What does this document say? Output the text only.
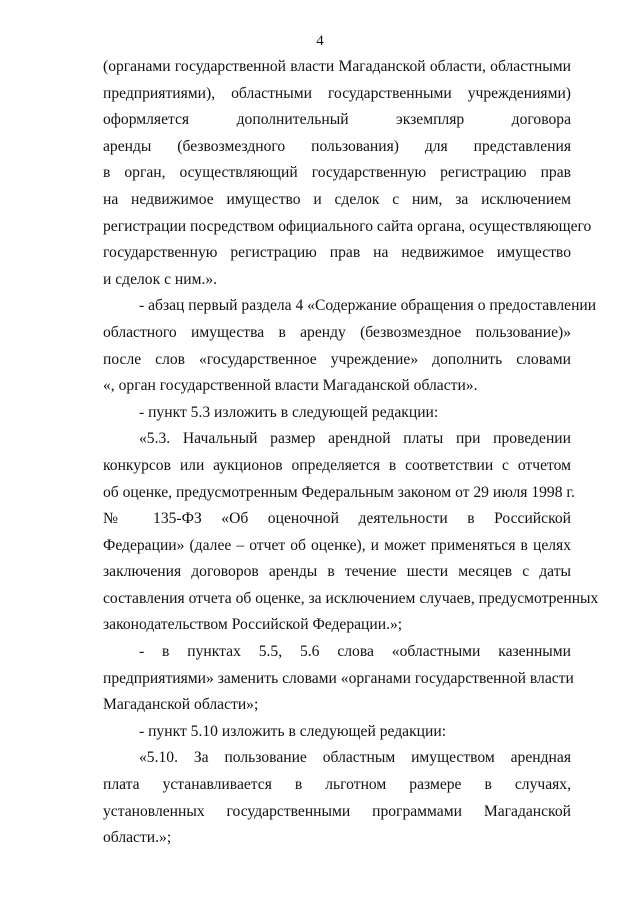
4
(органами государственной власти Магаданской области, областными
предприятиями), областными государственными учреждениями)
оформляется дополнительный экземпляр договора
аренды (безвозмездного пользования) для представления
в орган, осуществляющий государственную регистрацию прав
на недвижимое имущество и сделок с ним, за исключением
регистрации посредством официального сайта органа, осуществляющего
государственную регистрацию прав на недвижимое имущество
и сделок с ним.».
- абзац первый раздела 4 «Содержание обращения о предоставлении
областного имущества в аренду (безвозмездное пользование)»
после слов «государственное учреждение» дополнить словами
«, орган государственной власти Магаданской области».
- пункт 5.3 изложить в следующей редакции:
«5.3. Начальный размер арендной платы при проведении
конкурсов или аукционов определяется в соответствии с отчетом
об оценке, предусмотренным Федеральным законом от 29 июля 1998 г.
№ 135-ФЗ «Об оценочной деятельности в Российской
Федерации» (далее – отчет об оценке), и может применяться в целях
заключения договоров аренды в течение шести месяцев с даты
составления отчета об оценке, за исключением случаев, предусмотренных
законодательством Российской Федерации.»;
- в пунктах 5.5, 5.6 слова «областными казенными
предприятиями» заменить словами «органами государственной власти
Магаданской области»;
- пункт 5.10 изложить в следующей редакции:
«5.10. За пользование областным имуществом арендная
плата устанавливается в льготном размере в случаях,
установленных государственными программами Магаданской
области.»;
